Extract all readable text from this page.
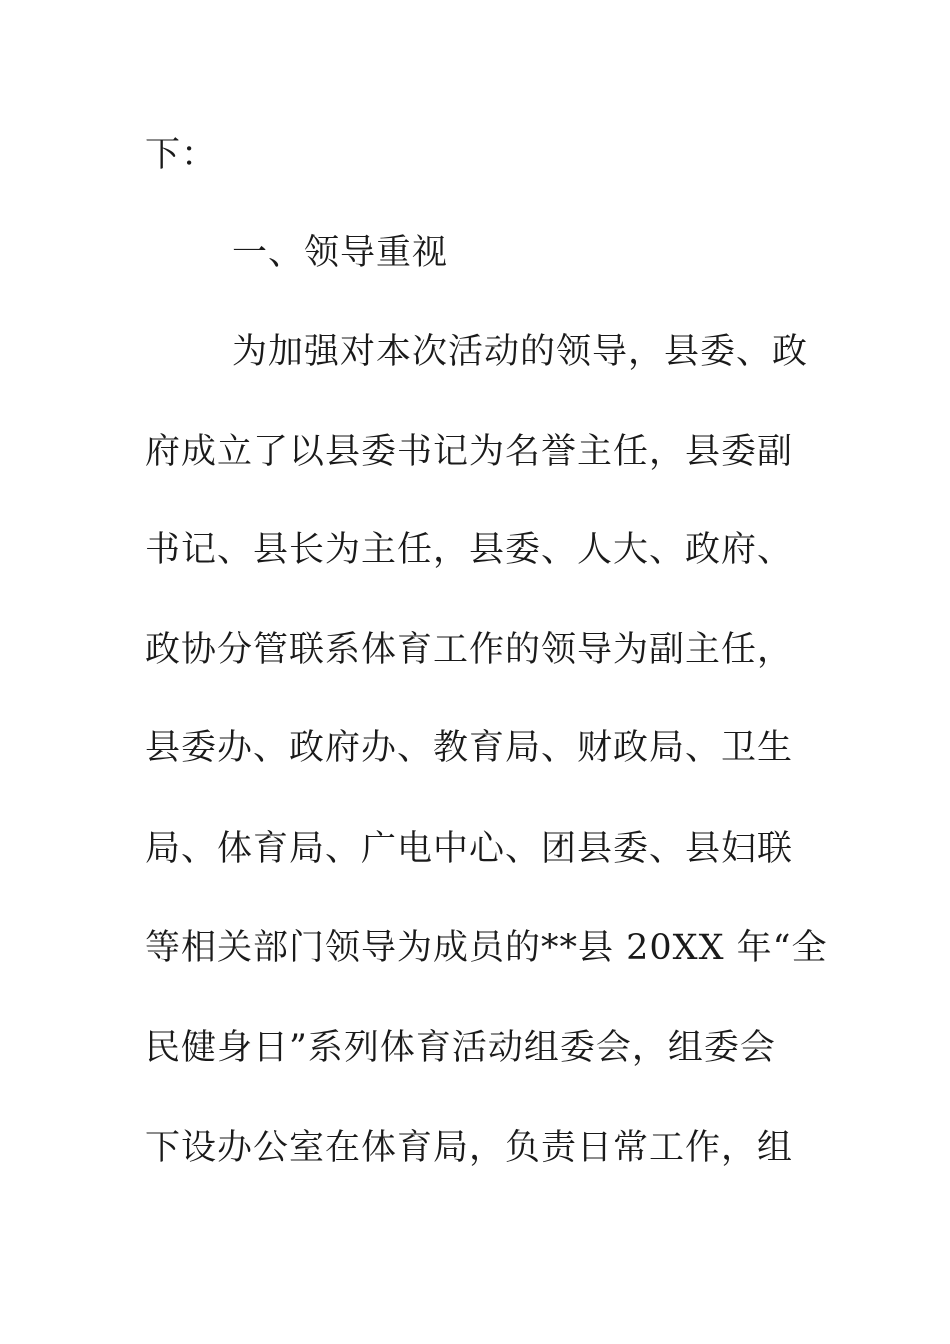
下：
一、领导重视
为加强对本次活动的领导，县委、政
府成立了以县委书记为名誉主任，县委副
书记、县长为主任，县委、人大、政府、
政协分管联系体育工作的领导为副主任，
县委办、政府办、教育局、财政局、卫生
局、体育局、广电中心、团县委、县妇联
等相关部门领导为成员的**县 20XX 年“全
民健身日”系列体育活动组委会，组委会
下设办公室在体育局，负责日常工作，组
